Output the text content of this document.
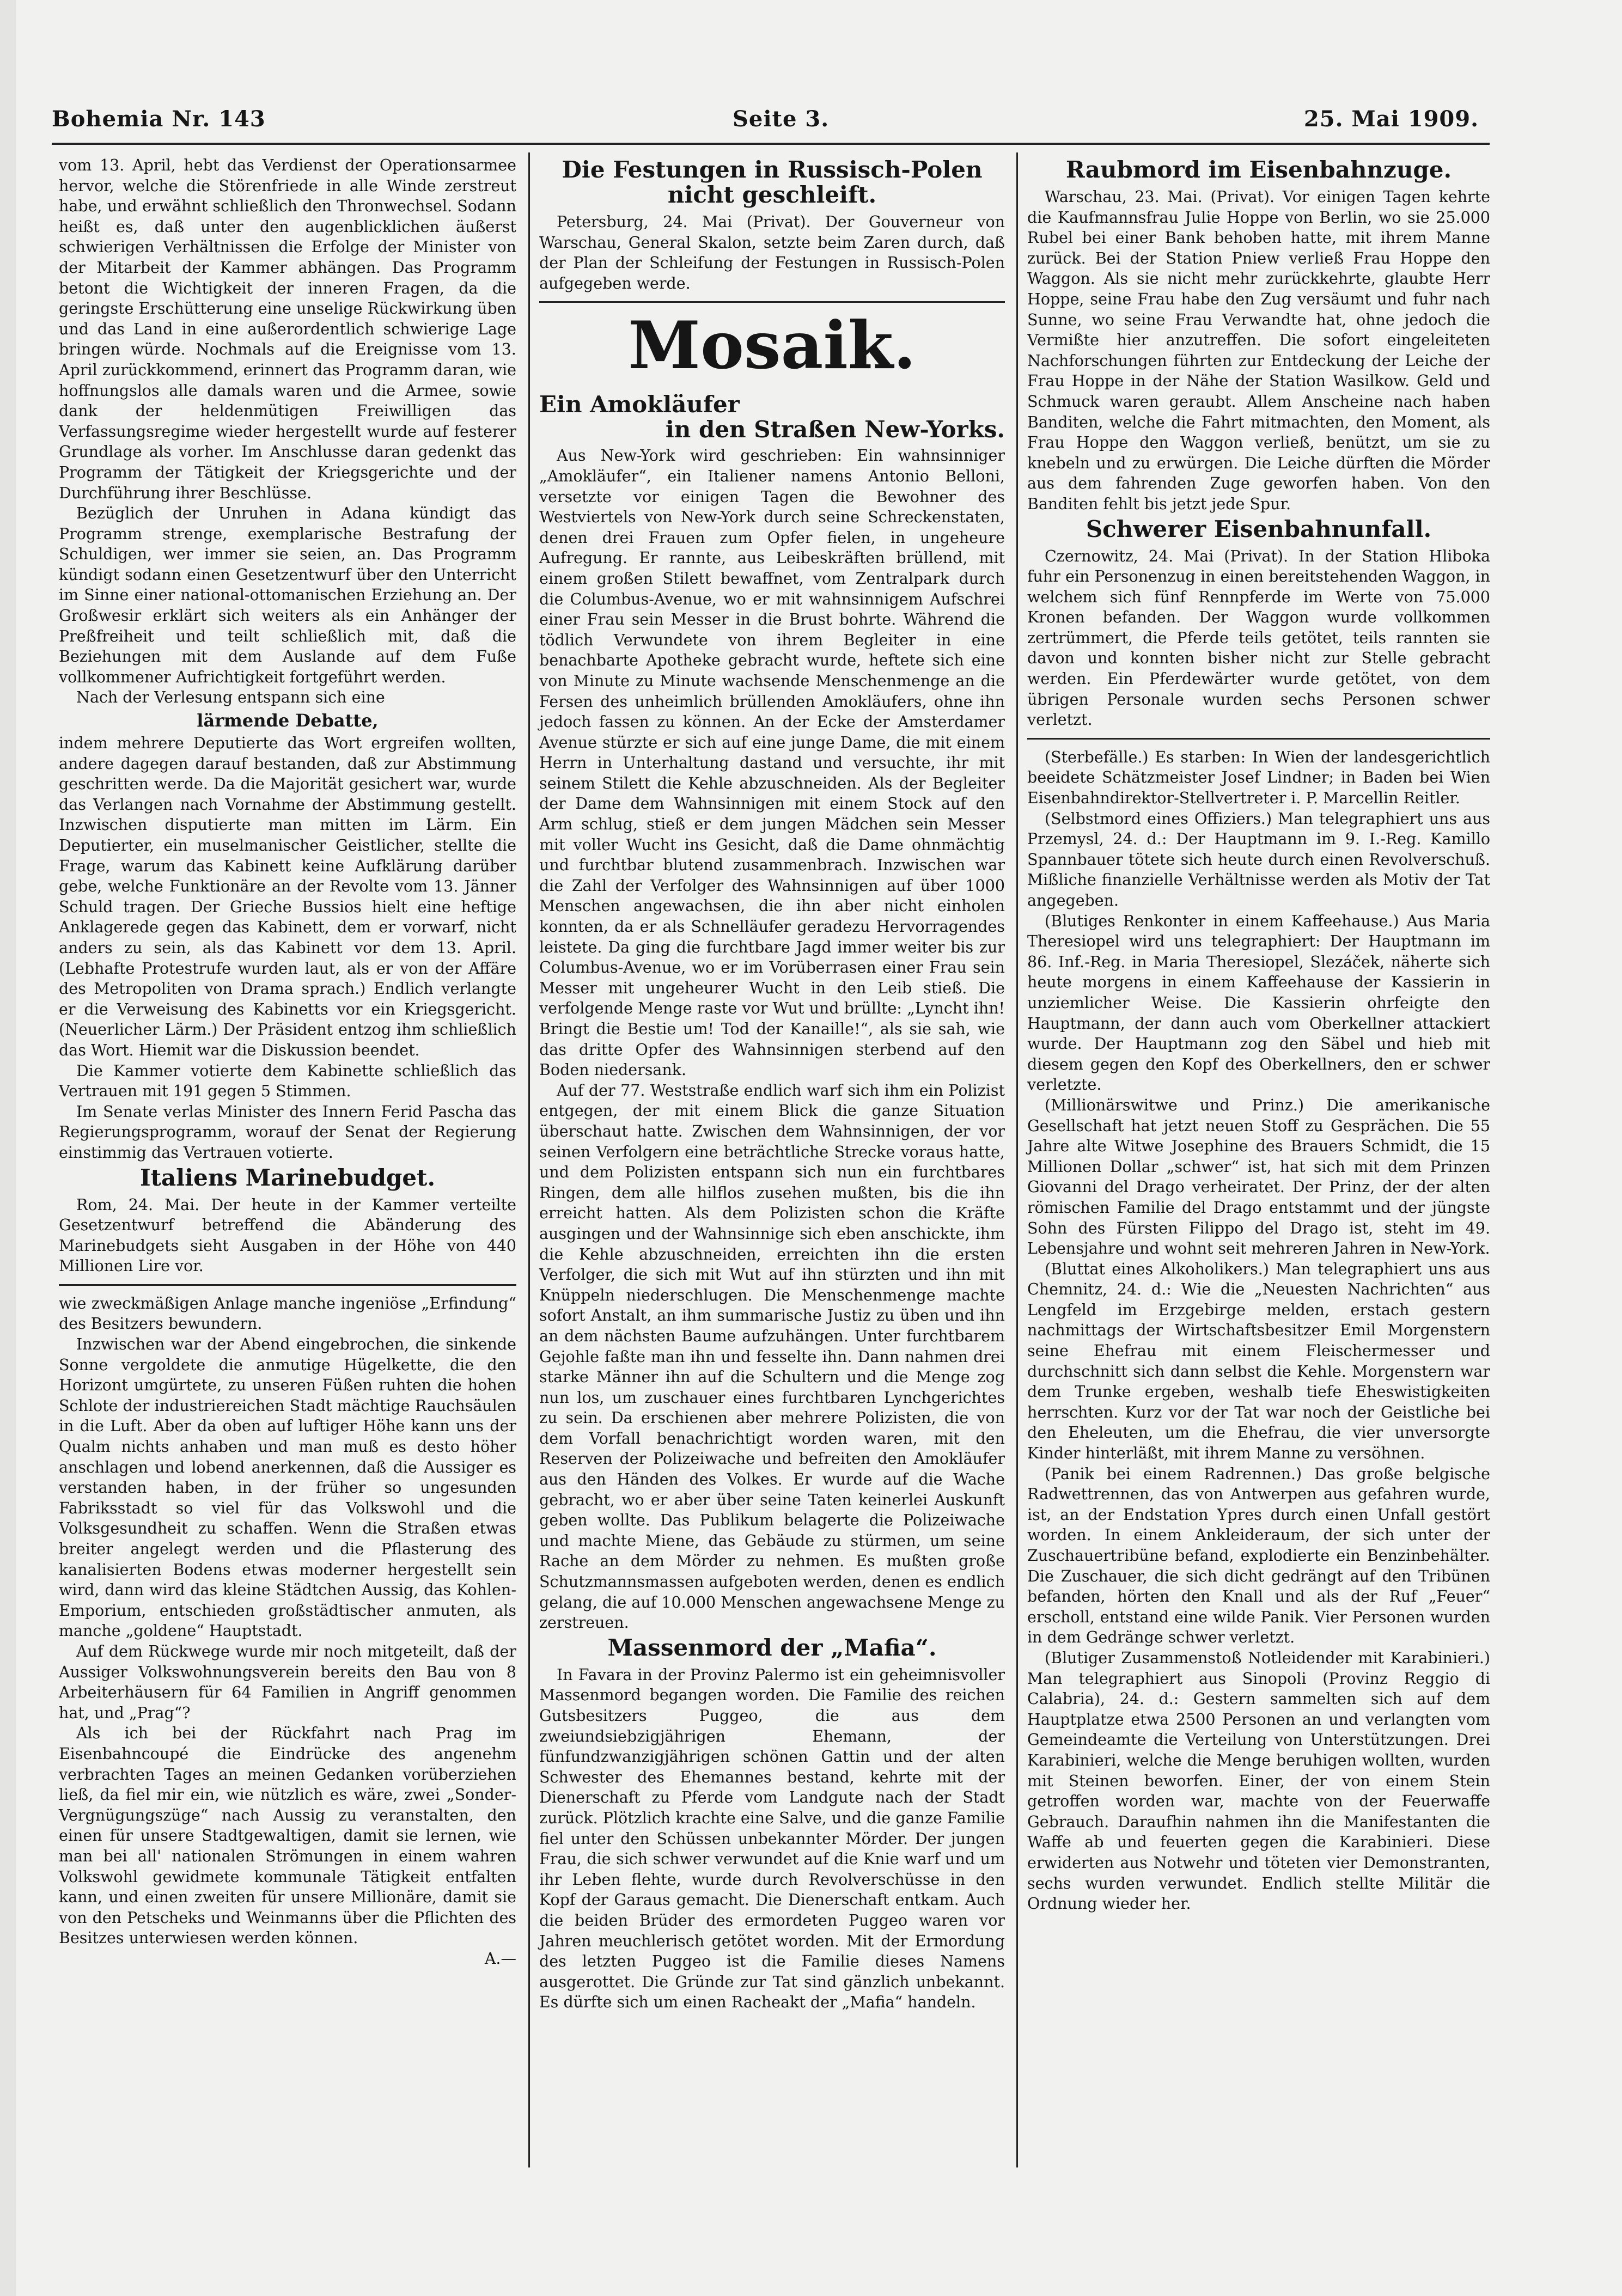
Bohemia Nr. 143	Seite 3.	25. Mai 1909.

vom 13. April, hebt das Verdienst der Operationsarmee hervor, welche die Störenfriede in alle Winde zerstreut habe, und erwähnt schließlich den Thronwechsel. Sodann heißt es, daß unter den augenblicklichen äußerst schwierigen Verhältnissen die Erfolge der Minister von der Mitarbeit der Kammer abhängen. Das Programm betont die Wichtigkeit der inneren Fragen, da die geringste Erschütterung eine unselige Rückwirkung üben und das Land in eine außerordentlich schwierige Lage bringen würde. Nochmals auf die Ereignisse vom 13. April zurückkommend, erinnert das Programm daran, wie hoffnungslos alle damals waren und die Armee, sowie dank der heldenmütigen Freiwilligen das Verfassungsregime wieder hergestellt wurde auf festerer Grundlage als vorher. Im Anschlusse daran gedenkt das Programm der Tätigkeit der Kriegsgerichte und der Durchführung ihrer Beschlüsse.

Bezüglich der Unruhen in Adana kündigt das Programm strenge, exemplarische Bestrafung der Schuldigen, wer immer sie seien, an. Das Programm kündigt sodann einen Gesetzentwurf über den Unterricht im Sinne einer national-ottomanischen Erziehung an. Der Großwesir erklärt sich weiters als ein Anhänger der Preßfreiheit und teilt schließlich mit, daß die Beziehungen mit dem Auslande auf dem Fuße vollkommener Aufrichtigkeit fortgeführt werden.

Nach der Verlesung entspann sich eine

lärmende Debatte,

indem mehrere Deputierte das Wort ergreifen wollten, andere dagegen darauf bestanden, daß zur Abstimmung geschritten werde. Da die Majorität gesichert war, wurde das Verlangen nach Vornahme der Abstimmung gestellt. Inzwischen disputierte man mitten im Lärm. Ein Deputierter, ein muselmanischer Geistlicher, stellte die Frage, warum das Kabinett keine Aufklärung darüber gebe, welche Funktionäre an der Revolte vom 13. Jänner Schuld tragen. Der Grieche Bussios hielt eine heftige Anklagerede gegen das Kabinett, dem er vorwarf, nicht anders zu sein, als das Kabinett vor dem 13. April. (Lebhafte Protestrufe wurden laut, als er von der Affäre des Metropoliten von Drama sprach.) Endlich verlangte er die Verweisung des Kabinetts vor ein Kriegsgericht. (Neuerlicher Lärm.) Der Präsident entzog ihm schließlich das Wort. Hiemit war die Diskussion beendet.

Die Kammer votierte dem Kabinette schließlich das Vertrauen mit 191 gegen 5 Stimmen.

Im Senate verlas Minister des Innern Ferid Pascha das Regierungsprogramm, worauf der Senat der Regierung einstimmig das Vertrauen votierte.

Italiens Marinebudget.

Rom, 24. Mai. Der heute in der Kammer verteilte Gesetzentwurf betreffend die Abänderung des Marinebudgets sieht Ausgaben in der Höhe von 440 Millionen Lire vor.

wie zweckmäßigen Anlage manche ingeniöse „Erfindung“ des Besitzers bewundern.

Inzwischen war der Abend eingebrochen, die sinkende Sonne vergoldete die anmutige Hügelkette, die den Horizont umgürtete, zu unseren Füßen ruhten die hohen Schlote der industriereichen Stadt mächtige Rauchsäulen in die Luft. Aber da oben auf luftiger Höhe kann uns der Qualm nichts anhaben und man muß es desto höher anschlagen und lobend anerkennen, daß die Aussiger es verstanden haben, in der früher so ungesunden Fabriksstadt so viel für das Volkswohl und die Volksgesundheit zu schaffen. Wenn die Straßen etwas breiter angelegt werden und die Pflasterung des kanalisierten Bodens etwas moderner hergestellt sein wird, dann wird das kleine Städtchen Aussig, das Kohlen-Emporium, entschieden großstädtischer anmuten, als manche „goldene“ Hauptstadt.

Auf dem Rückwege wurde mir noch mitgeteilt, daß der Aussiger Volkswohnungsverein bereits den Bau von 8 Arbeiterhäusern für 64 Familien in Angriff genommen hat, und „Prag“?

Als ich bei der Rückfahrt nach Prag im Eisenbahncoupé die Eindrücke des angenehm verbrachten Tages an meinen Gedanken vorüberziehen ließ, da fiel mir ein, wie nützlich es wäre, zwei „Sonder-Vergnügungszüge“ nach Aussig zu veranstalten, den einen für unsere Stadtgewaltigen, damit sie lernen, wie man bei all' nationalen Strömungen in einem wahren Volkswohl gewidmete kommunale Tätigkeit entfalten kann, und einen zweiten für unsere Millionäre, damit sie von den Petscheks und Weinmanns über die Pflichten des Besitzes unterwiesen werden können.

A.—
Die Festungen in Russisch-Polen nicht geschleift.

Petersburg, 24. Mai (Privat). Der Gouverneur von Warschau, General Skalon, setzte beim Zaren durch, daß der Plan der Schleifung der Festungen in Russisch-Polen aufgegeben werde.

Mosaik.
Ein Amokläufer
in den Straßen New-Yorks.

Aus New-York wird geschrieben: Ein wahnsinniger „Amokläufer“, ein Italiener namens Antonio Belloni, versetzte vor einigen Tagen die Bewohner des Westviertels von New-York durch seine Schreckenstaten, denen drei Frauen zum Opfer fielen, in ungeheure Aufregung. Er rannte, aus Leibeskräften brüllend, mit einem großen Stilett bewaffnet, vom Zentralpark durch die Columbus-Avenue, wo er mit wahnsinnigem Aufschrei einer Frau sein Messer in die Brust bohrte. Während die tödlich Verwundete von ihrem Begleiter in eine benachbarte Apotheke gebracht wurde, heftete sich eine von Minute zu Minute wachsende Menschenmenge an die Fersen des unheimlich brüllenden Amokläufers, ohne ihn jedoch fassen zu können. An der Ecke der Amsterdamer Avenue stürzte er sich auf eine junge Dame, die mit einem Herrn in Unterhaltung dastand und versuchte, ihr mit seinem Stilett die Kehle abzuschneiden. Als der Begleiter der Dame dem Wahnsinnigen mit einem Stock auf den Arm schlug, stieß er dem jungen Mädchen sein Messer mit voller Wucht ins Gesicht, daß die Dame ohnmächtig und furchtbar blutend zusammenbrach. Inzwischen war die Zahl der Verfolger des Wahnsinnigen auf über 1000 Menschen angewachsen, die ihn aber nicht einholen konnten, da er als Schnelläufer geradezu Hervorragendes leistete. Da ging die furchtbare Jagd immer weiter bis zur Columbus-Avenue, wo er im Vorüberrasen einer Frau sein Messer mit ungeheurer Wucht in den Leib stieß. Die verfolgende Menge raste vor Wut und brüllte: „Lyncht ihn! Bringt die Bestie um! Tod der Kanaille!“, als sie sah, wie das dritte Opfer des Wahnsinnigen sterbend auf den Boden niedersank.

Auf der 77. Weststraße endlich warf sich ihm ein Polizist entgegen, der mit einem Blick die ganze Situation überschaut hatte. Zwischen dem Wahnsinnigen, der vor seinen Verfolgern eine beträchtliche Strecke voraus hatte, und dem Polizisten entspann sich nun ein furchtbares Ringen, dem alle hilflos zusehen mußten, bis die ihn erreicht hatten. Als dem Polizisten schon die Kräfte ausgingen und der Wahnsinnige sich eben anschickte, ihm die Kehle abzuschneiden, erreichten ihn die ersten Verfolger, die sich mit Wut auf ihn stürzten und ihn mit Knüppeln niederschlugen. Die Menschenmenge machte sofort Anstalt, an ihm summarische Justiz zu üben und ihn an dem nächsten Baume aufzuhängen. Unter furchtbarem Gejohle faßte man ihn und fesselte ihn. Dann nahmen drei starke Männer ihn auf die Schultern und die Menge zog nun los, um zuschauer eines furchtbaren Lynchgerichtes zu sein. Da erschienen aber mehrere Polizisten, die von dem Vorfall benachrichtigt worden waren, mit den Reserven der Polizeiwache und befreiten den Amokläufer aus den Händen des Volkes. Er wurde auf die Wache gebracht, wo er aber über seine Taten keinerlei Auskunft geben wollte. Das Publikum belagerte die Polizeiwache und machte Miene, das Gebäude zu stürmen, um seine Rache an dem Mörder zu nehmen. Es mußten große Schutzmannsmassen aufgeboten werden, denen es endlich gelang, die auf 10.000 Menschen angewachsene Menge zu zerstreuen.

Massenmord der „Mafia“.

In Favara in der Provinz Palermo ist ein geheimnisvoller Massenmord begangen worden. Die Familie des reichen Gutsbesitzers Puggeo, die aus dem zweiundsiebzigjährigen Ehemann, der fünfundzwanzigjährigen schönen Gattin und der alten Schwester des Ehemannes bestand, kehrte mit der Dienerschaft zu Pferde vom Landgute nach der Stadt zurück. Plötzlich krachte eine Salve, und die ganze Familie fiel unter den Schüssen unbekannter Mörder. Der jungen Frau, die sich schwer verwundet auf die Knie warf und um ihr Leben flehte, wurde durch Revolverschüsse in den Kopf der Garaus gemacht. Die Dienerschaft entkam. Auch die beiden Brüder des ermordeten Puggeo waren vor Jahren meuchlerisch getötet worden. Mit der Ermordung des letzten Puggeo ist die Familie dieses Namens ausgerottet. Die Gründe zur Tat sind gänzlich unbekannt. Es dürfte sich um einen Racheakt der „Mafia“ handeln.

Raubmord im Eisenbahnzuge.

Warschau, 23. Mai. (Privat). Vor einigen Tagen kehrte die Kaufmannsfrau Julie Hoppe von Berlin, wo sie 25.000 Rubel bei einer Bank behoben hatte, mit ihrem Manne zurück. Bei der Station Pniew verließ Frau Hoppe den Waggon. Als sie nicht mehr zurückkehrte, glaubte Herr Hoppe, seine Frau habe den Zug versäumt und fuhr nach Sunne, wo seine Frau Verwandte hat, ohne jedoch die Vermißte hier anzutreffen. Die sofort eingeleiteten Nachforschungen führten zur Entdeckung der Leiche der Frau Hoppe in der Nähe der Station Wasilkow. Geld und Schmuck waren geraubt. Allem Anscheine nach haben Banditen, welche die Fahrt mitmachten, den Moment, als Frau Hoppe den Waggon verließ, benützt, um sie zu knebeln und zu erwürgen. Die Leiche dürften die Mörder aus dem fahrenden Zuge geworfen haben. Von den Banditen fehlt bis jetzt jede Spur.

Schwerer Eisenbahnunfall.

Czernowitz, 24. Mai (Privat). In der Station Hliboka fuhr ein Personenzug in einen bereitstehenden Waggon, in welchem sich fünf Rennpferde im Werte von 75.000 Kronen befanden. Der Waggon wurde vollkommen zertrümmert, die Pferde teils getötet, teils rannten sie davon und konnten bisher nicht zur Stelle gebracht werden. Ein Pferdewärter wurde getötet, von dem übrigen Personale wurden sechs Personen schwer verletzt.

(Sterbefälle.) Es starben: In Wien der landesgerichtlich beeidete Schätzmeister Josef Lindner; in Baden bei Wien Eisenbahndirektor-Stellvertreter i. P. Marcellin Reitler.

(Selbstmord eines Offiziers.) Man telegraphiert uns aus Przemysl, 24. d.: Der Hauptmann im 9. I.-Reg. Kamillo Spannbauer tötete sich heute durch einen Revolverschuß. Mißliche finanzielle Verhältnisse werden als Motiv der Tat angegeben.

(Blutiges Renkonter in einem Kaffeehause.) Aus Maria Theresiopel wird uns telegraphiert: Der Hauptmann im 86. Inf.-Reg. in Maria Theresiopel, Slezáček, näherte sich heute morgens in einem Kaffeehause der Kassierin in unziemlicher Weise. Die Kassierin ohrfeigte den Hauptmann, der dann auch vom Oberkellner attackiert wurde. Der Hauptmann zog den Säbel und hieb mit diesem gegen den Kopf des Oberkellners, den er schwer verletzte.

(Millionärswitwe und Prinz.) Die amerikanische Gesellschaft hat jetzt neuen Stoff zu Gesprächen. Die 55 Jahre alte Witwe Josephine des Brauers Schmidt, die 15 Millionen Dollar „schwer“ ist, hat sich mit dem Prinzen Giovanni del Drago verheiratet. Der Prinz, der der alten römischen Familie del Drago entstammt und der jüngste Sohn des Fürsten Filippo del Drago ist, steht im 49. Lebensjahre und wohnt seit mehreren Jahren in New-York.

(Bluttat eines Alkoholikers.) Man telegraphiert uns aus Chemnitz, 24. d.: Wie die „Neuesten Nachrichten“ aus Lengfeld im Erzgebirge melden, erstach gestern nachmittags der Wirtschaftsbesitzer Emil Morgenstern seine Ehefrau mit einem Fleischermesser und durchschnitt sich dann selbst die Kehle. Morgenstern war dem Trunke ergeben, weshalb tiefe Eheswistigkeiten herrschten. Kurz vor der Tat war noch der Geistliche bei den Eheleuten, um die Ehefrau, die vier unversorgte Kinder hinterläßt, mit ihrem Manne zu versöhnen.

(Panik bei einem Radrennen.) Das große belgische Radwettrennen, das von Antwerpen aus gefahren wurde, ist, an der Endstation Ypres durch einen Unfall gestört worden. In einem Ankleideraum, der sich unter der Zuschauertribüne befand, explodierte ein Benzinbehälter. Die Zuschauer, die sich dicht gedrängt auf den Tribünen befanden, hörten den Knall und als der Ruf „Feuer“ erscholl, entstand eine wilde Panik. Vier Personen wurden in dem Gedränge schwer verletzt.

(Blutiger Zusammenstoß Notleidender mit Karabinieri.) Man telegraphiert aus Sinopoli (Provinz Reggio di Calabria), 24. d.: Gestern sammelten sich auf dem Hauptplatze etwa 2500 Personen an und verlangten vom Gemeindeamte die Verteilung von Unterstützungen. Drei Karabinieri, welche die Menge beruhigen wollten, wurden mit Steinen beworfen. Einer, der von einem Stein getroffen worden war, machte von der Feuerwaffe Gebrauch. Daraufhin nahmen ihn die Manifestanten die Waffe ab und feuerten gegen die Karabinieri. Diese erwiderten aus Notwehr und töteten vier Demonstranten, sechs wurden verwundet. Endlich stellte Militär die Ordnung wieder her.
